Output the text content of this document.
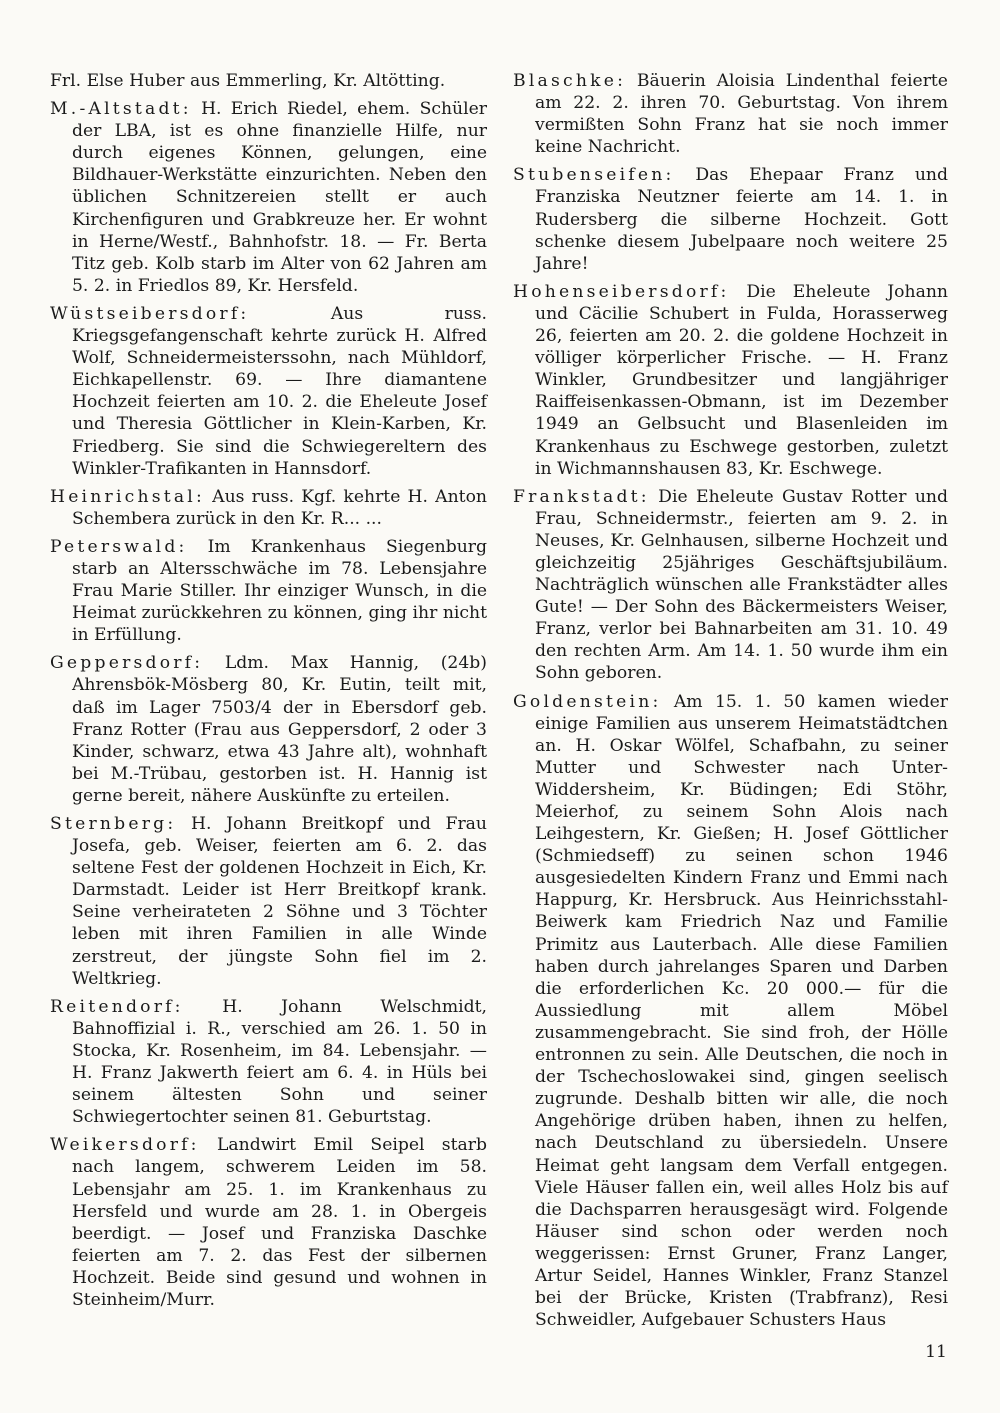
Frl. Else Huber aus Emmerling, Kr. Altötting.

M.-Altstadt: H. Erich Riedel, ehem. Schüler der LBA, ist es ohne finanzielle Hilfe, nur durch eigenes Können, gelungen, eine Bildhauer-Werkstätte einzurichten. Neben den üblichen Schnitzereien stellt er auch Kirchenfiguren und Grabkreuze her. Er wohnt in Herne/Westf., Bahnhofstr. 18. — Fr. Berta Titz geb. Kolb starb im Alter von 62 Jahren am 5. 2. in Friedlos 89, Kr. Hersfeld.

Wüstseibersdorf:	Aus russ. Kriegsgefangenschaft kehrte zurück H. Alfred Wolf, Schneidermeisterssohn, nach Mühldorf, Eichkapellenstr. 69. — Ihre diamantene Hochzeit feierten am 10. 2. die Eheleute Josef und Theresia Göttlicher in Klein-Karben, Kr. Friedberg. Sie sind die Schwiegereltern des Winkler-Trafikanten in Hannsdorf.

Heinrichstal: Aus russ. Kgf. kehrte H. Anton Schembera zurück in den Kr. R... ...

Peterswald: Im Krankenhaus Siegenburg starb an Altersschwäche im 78. Lebensjahre Frau Marie Stiller. Ihr einziger Wunsch, in die Heimat zurückkehren zu können, ging ihr nicht in Erfüllung.

Geppersdorf: Ldm. Max Hannig, (24b) Ahrensbök-Mösberg 80, Kr. Eutin, teilt mit, daß im Lager 7503/4 der in Ebersdorf geb. Franz Rotter (Frau aus Geppersdorf, 2 oder 3 Kinder, schwarz, etwa 43 Jahre alt), wohnhaft bei M.-Trübau, gestorben ist. H. Hannig ist gerne bereit, nähere Auskünfte zu erteilen.

Sternberg: H. Johann Breitkopf und Frau Josefa, geb. Weiser, feierten am 6. 2. das seltene Fest der goldenen Hochzeit in Eich, Kr. Darmstadt. Leider ist Herr Breitkopf krank. Seine verheirateten 2 Söhne und 3 Töchter leben mit ihren Familien in alle Winde zerstreut, der jüngste Sohn fiel im 2. Weltkrieg.

Reitendorf: H. Johann Welschmidt, Bahnoffizial i. R., verschied am 26. 1. 50 in Stocka, Kr. Rosenheim, im 84. Lebensjahr. — H. Franz Jakwerth feiert am 6. 4. in Hüls bei seinem ältesten Sohn und seiner Schwiegertochter seinen 81. Geburtstag.

Weikersdorf: Landwirt Emil Seipel starb nach langem, schwerem Leiden im 58. Lebensjahr am 25. 1. im Krankenhaus zu Hersfeld und wurde am 28. 1. in Obergeis beerdigt. — Josef und Franziska Daschke feierten am 7. 2. das Fest der silbernen Hochzeit. Beide sind gesund und wohnen in Steinheim/Murr.

Blaschke: Bäuerin Aloisia Lindenthal feierte am 22. 2. ihren 70. Geburtstag. Von ihrem vermißten Sohn Franz hat sie noch immer keine Nachricht.

Stubenseifen: Das Ehepaar Franz und Franziska Neutzner feierte am 14. 1. in Rudersberg die silberne Hochzeit. Gott schenke diesem Jubelpaare noch weitere 25 Jahre!

Hohenseibersdorf: Die Eheleute Johann und Cäcilie Schubert in Fulda, Horasserweg 26, feierten am 20. 2. die goldene Hochzeit in völliger körperlicher Frische. — H. Franz Winkler, Grundbesitzer und langjähriger Raiffeisenkassen-Obmann, ist im Dezember 1949 an Gelbsucht und Blasenleiden im Krankenhaus zu Eschwege gestorben, zuletzt in Wichmannshausen 83, Kr. Eschwege.

Frankstadt: Die Eheleute Gustav Rotter und Frau, Schneidermstr., feierten am 9. 2. in Neuses, Kr. Gelnhausen, silberne Hochzeit und gleichzeitig 25jähriges Geschäftsjubiläum. Nachträglich wünschen alle Frankstädter alles Gute! — Der Sohn des Bäckermeisters Weiser, Franz, verlor bei Bahnarbeiten am 31. 10. 49 den rechten Arm. Am 14. 1. 50 wurde ihm ein Sohn geboren.

Goldenstein: Am 15. 1. 50 kamen wieder einige Familien aus unserem Heimatstädtchen an. H. Oskar Wölfel, Schafbahn, zu seiner Mutter und Schwester nach Unter-Widdersheim, Kr. Büdingen; Edi Stöhr, Meierhof, zu seinem Sohn Alois nach Leihgestern, Kr. Gießen; H. Josef Göttlicher (Schmiedseff) zu seinen schon 1946 ausgesiedelten Kindern Franz und Emmi nach Happurg, Kr. Hersbruck. Aus Heinrichsstahl-Beiwerk kam Friedrich Naz und Familie Primitz aus Lauterbach. Alle diese Familien haben durch jahrelanges Sparen und Darben die erforderlichen Kc. 20 000.— für die Aussiedlung mit allem Möbel zusammengebracht. Sie sind froh, der Hölle entronnen zu sein. Alle Deutschen, die noch in der Tschechoslowakei sind, gingen seelisch zugrunde. Deshalb bitten wir alle, die noch Angehörige drüben haben, ihnen zu helfen, nach Deutschland zu übersiedeln. Unsere Heimat geht langsam dem Verfall entgegen. Viele Häuser fallen ein, weil alles Holz bis auf die Dachsparren herausgesägt wird. Folgende Häuser sind schon oder werden noch weggerissen: Ernst Gruner, Franz Langer, Artur Seidel, Hannes Winkler, Franz Stanzel bei der Brücke, Kristen (Trabfranz), Resi Schweidler, Aufgebauer Schusters Haus

11
